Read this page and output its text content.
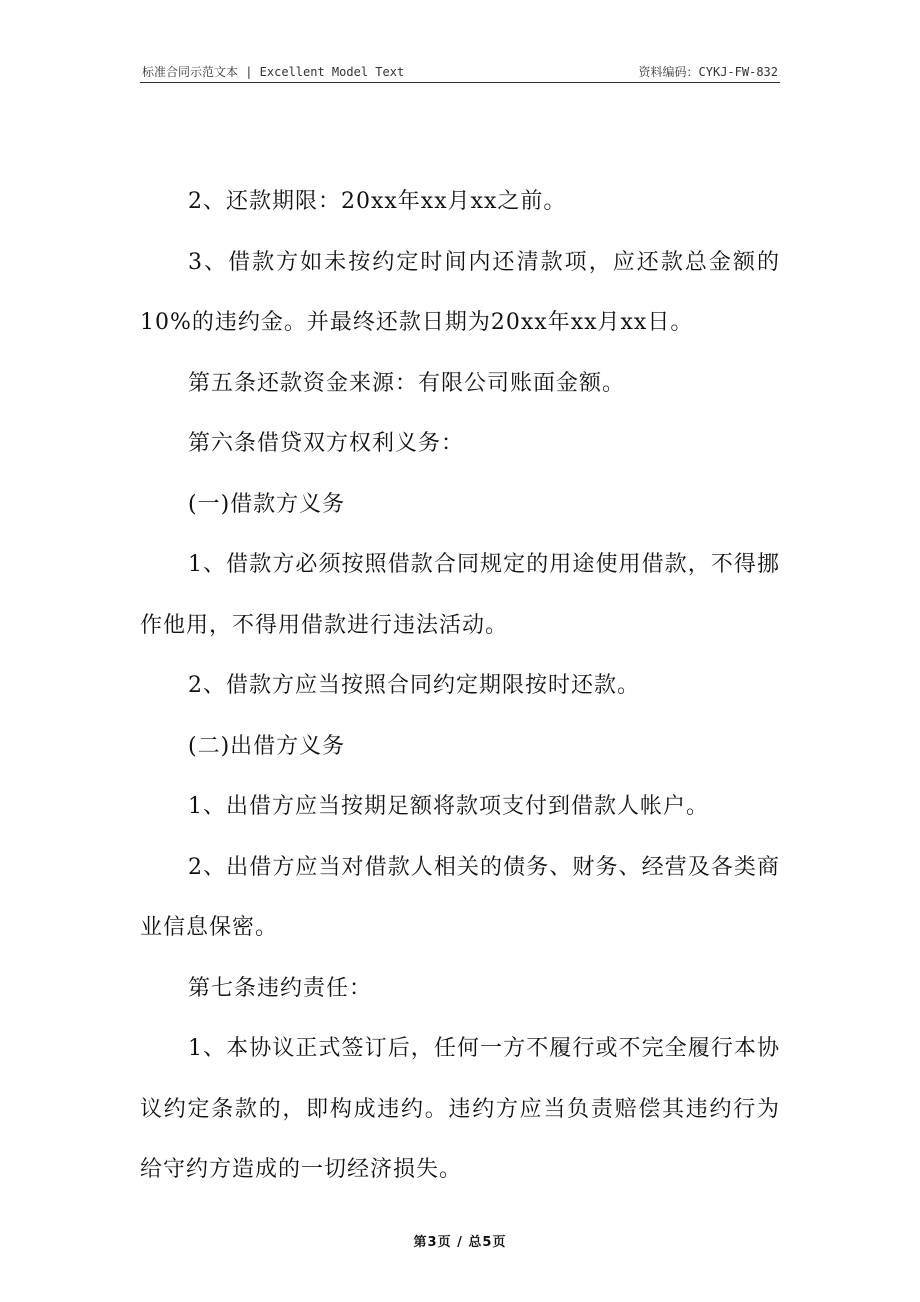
标准合同示范文本 | Excellent Model Text	资料编码：CYKJ-FW-832

2、还款期限：20xx年xx月xx之前。

3、借款方如未按约定时间内还清款项，应还款总金额的10%的违约金。并最终还款日期为20xx年xx月xx日。

第五条还款资金来源：有限公司账面金额。

第六条借贷双方权利义务：

(一)借款方义务

1、借款方必须按照借款合同规定的用途使用借款，不得挪作他用，不得用借款进行违法活动。

2、借款方应当按照合同约定期限按时还款。

(二)出借方义务

1、出借方应当按期足额将款项支付到借款人帐户。

2、出借方应当对借款人相关的债务、财务、经营及各类商业信息保密。

第七条违约责任：

1、本协议正式签订后，任何一方不履行或不完全履行本协议约定条款的，即构成违约。违约方应当负责赔偿其违约行为给守约方造成的一切经济损失。

第3页 / 总5页
